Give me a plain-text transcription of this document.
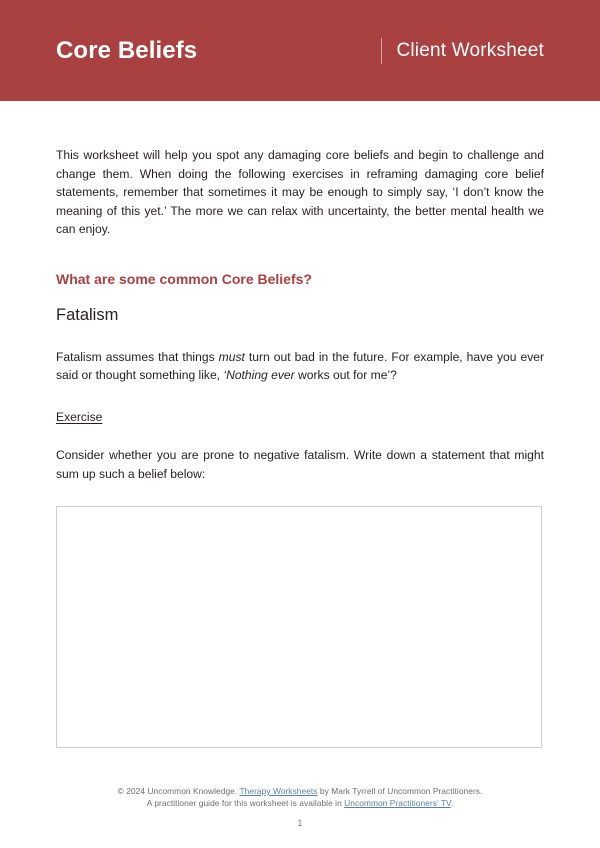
Core Beliefs	Client Worksheet

This worksheet will help you spot any damaging core beliefs and begin to challenge and change them. When doing the following exercises in reframing damaging core belief statements, remember that sometimes it may be enough to simply say, ‘I don’t know the meaning of this yet.’ The more we can relax with uncertainty, the better mental health we can enjoy.

What are some common Core Beliefs?
Fatalism

Fatalism assumes that things must turn out bad in the future. For example, have you ever said or thought something like, ‘Nothing ever works out for me’?

Exercise

Consider whether you are prone to negative fatalism. Write down a statement that might sum up such a belief below:

© 2024 Uncommon Knowledge. Therapy Worksheets by Mark Tyrrell of Uncommon Practitioners.
A practitioner guide for this worksheet is available in Uncommon Practitioners’ TV.
1
